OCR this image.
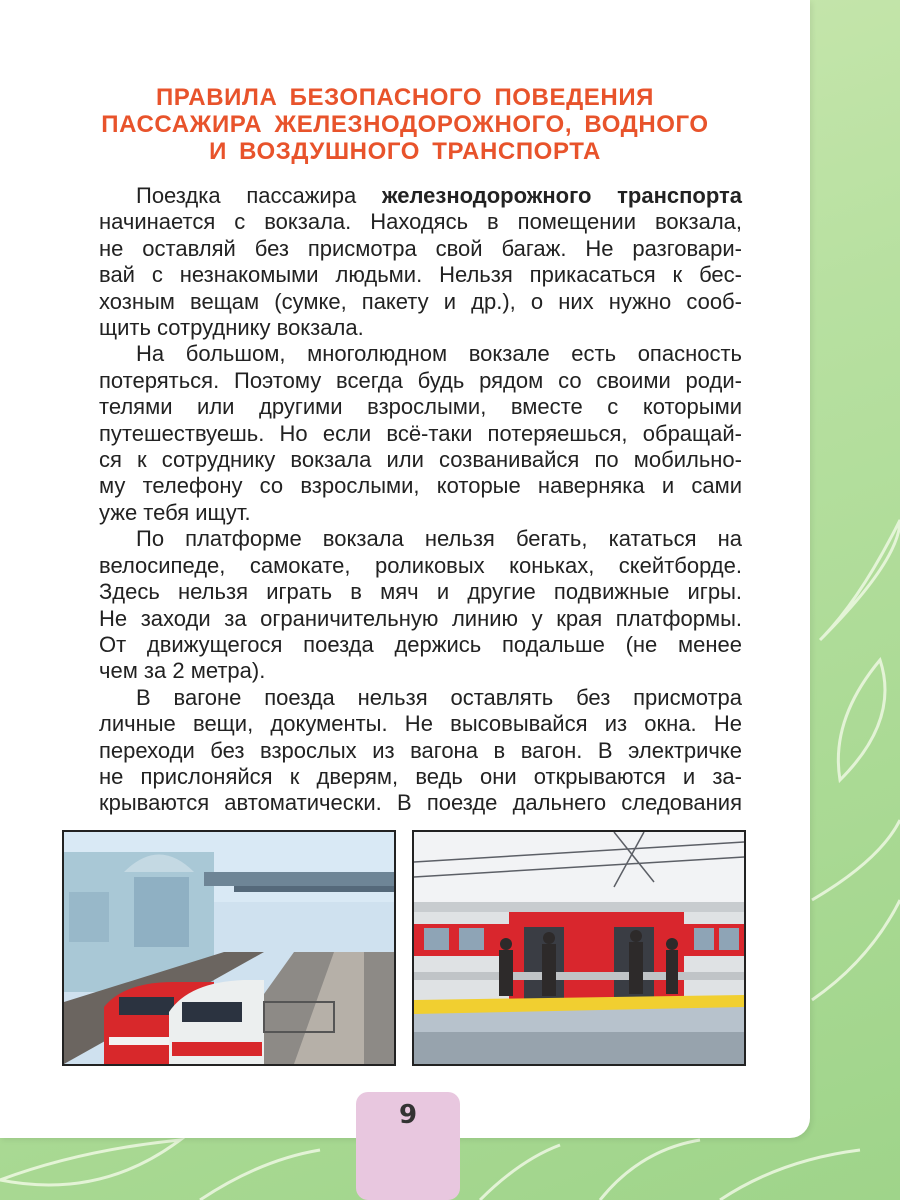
ПРАВИЛА БЕЗОПАСНОГО ПОВЕДЕНИЯ
ПАССАЖИРА ЖЕЛЕЗНОДОРОЖНОГО, ВОДНОГО
И ВОЗДУШНОГО ТРАНСПОРТА
Поездка пассажира железнодорожного транспорта
начинается с вокзала. Находясь в помещении вокзала,
не оставляй без присмотра свой багаж. Не разговари-
вай с незнакомыми людьми. Нельзя прикасаться к бес-
хозным вещам (сумке, пакету и др.), о них нужно сооб-
щить сотруднику вокзала.
На большом, многолюдном вокзале есть опасность
потеряться. Поэтому всегда будь рядом со своими роди-
телями или другими взрослыми, вместе с которыми
путешествуешь. Но если всё-таки потеряешься, обращай-
ся к сотруднику вокзала или созванивайся по мобильно-
му телефону со взрослыми, которые наверняка и сами
уже тебя ищут.
По платформе вокзала нельзя бегать, кататься на
велосипеде, самокате, роликовых коньках, скейтборде.
Здесь нельзя играть в мяч и другие подвижные игры.
Не заходи за ограничительную линию у края платформы.
От движущегося поезда держись подальше (не менее
чем за 2 метра).
В вагоне поезда нельзя оставлять без присмотра
личные вещи, документы. Не высовывайся из окна. Не
переходи без взрослых из вагона в вагон. В электричке
не прислоняйся к дверям, ведь они открываются и за-
крываются автоматически. В поезде дальнего следования
9
